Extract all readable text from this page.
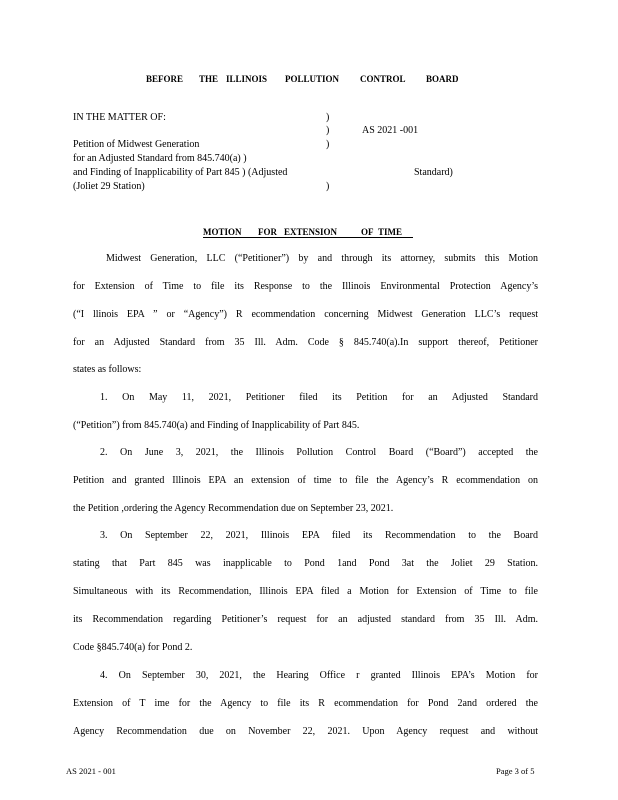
BEFORE THE ILLINOIS POLLUTION CONTROL BOARD
IN THE MATTER OF:
Petition of Midwest Generation
for an Adjusted Standard from 845.740(a) )
and Finding of Inapplicability of Part 845 ) (Adjusted
(Joliet 29 Station)
)
)
)
)
AS 2021 -001
Standard)
MOTION FOR EXTENSION	OF TIME
Midwest Generation, LLC (“Petitioner”) by and through its attorney, submits this Motion
for Extension of Time to file its Response to the Illinois Environmental Protection Agency’s
(“I llinois EPA ” or “Agency”) R ecommendation concerning Midwest Generation LLC’s request
for an Adjusted Standard from 35 Ill. Adm. Code § 845.740(a).In support thereof, Petitioner
states as follows:
1. On May 11, 2021, Petitioner filed its Petition for an Adjusted Standard
(“Petition”) from 845.740(a) and Finding of Inapplicability of Part 845.
2. On June 3, 2021, the Illinois Pollution Control Board (“Board”) accepted the
Petition and granted Illinois EPA an extension of time to file the Agency’s R ecommendation on
the Petition ,ordering the Agency Recommendation due on September 23, 2021.
3. On September 22, 2021, Illinois EPA filed its Recommendation to the Board
stating that Part 845 was inapplicable to Pond 1and Pond 3at the Joliet 29 Station.
Simultaneous with its Recommendation, Illinois EPA filed a Motion for Extension of Time to file
its Recommendation regarding Petitioner’s request for an adjusted standard from 35 Ill. Adm.
Code §845.740(a) for Pond 2.
4. On September 30, 2021, the Hearing Office r granted Illinois EPA’s Motion for
Extension of T ime for the Agency to file its R ecommendation for Pond 2and ordered the
Agency Recommendation due on November 22, 2021. Upon Agency request and without
AS 2021 - 001	Page 3 of 5
